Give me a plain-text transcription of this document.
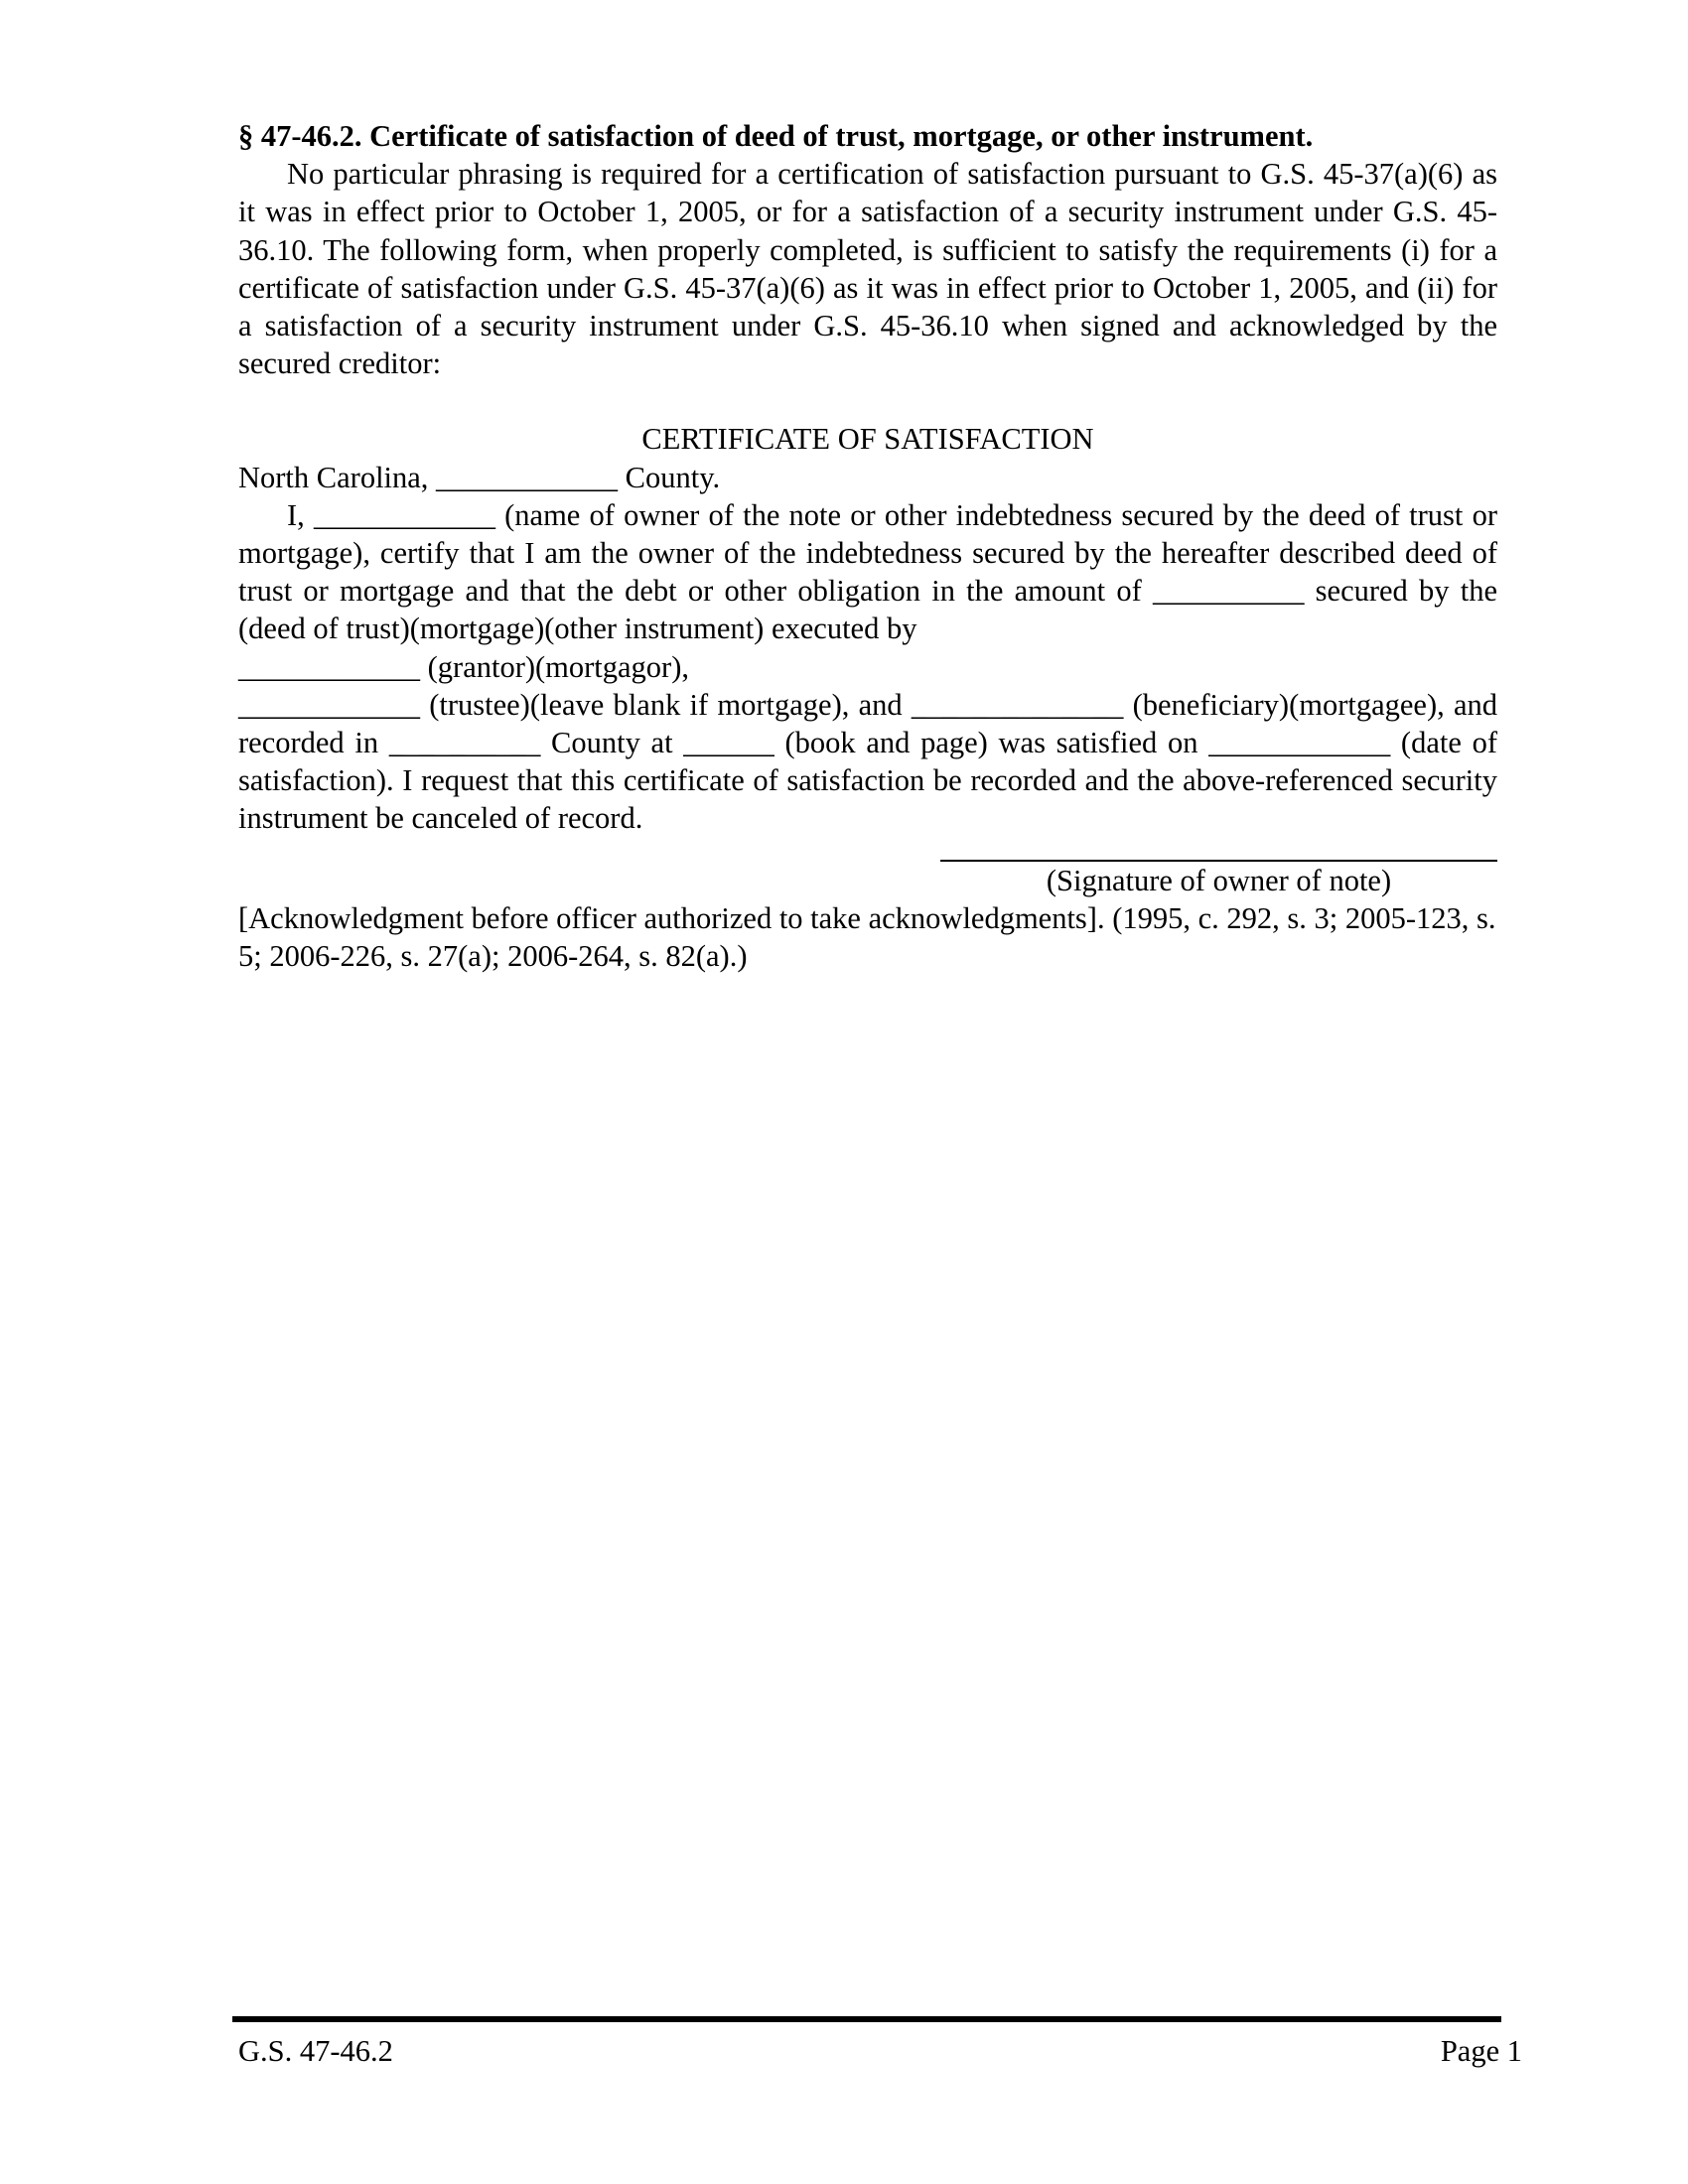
§ 47-46.2. Certificate of satisfaction of deed of trust, mortgage, or other instrument.

No particular phrasing is required for a certification of satisfaction pursuant to G.S. 45-37(a)(6) as it was in effect prior to October 1, 2005, or for a satisfaction of a security instrument under G.S. 45-36.10. The following form, when properly completed, is sufficient to satisfy the requirements (i) for a certificate of satisfaction under G.S. 45-37(a)(6) as it was in effect prior to October 1, 2005, and (ii) for a satisfaction of a security instrument under G.S. 45-36.10 when signed and acknowledged by the secured creditor:

CERTIFICATE OF SATISFACTION

North Carolina, ____________ County.

I, ____________ (name of owner of the note or other indebtedness secured by the deed of trust or mortgage), certify that I am the owner of the indebtedness secured by the hereafter described deed of trust or mortgage and that the debt or other obligation in the amount of __________ secured by the (deed of trust)(mortgage)(other instrument) executed by

____________ (grantor)(mortgagor),

____________ (trustee)(leave blank if mortgage), and ______________ (beneficiary)(mortgagee), and recorded in __________ County at ______ (book and page) was satisfied on ____________ (date of satisfaction). I request that this certificate of satisfaction be recorded and the above-referenced security instrument be canceled of record.

(Signature of owner of note)

[Acknowledgment before officer authorized to take acknowledgments]. (1995, c. 292, s. 3; 2005-123, s. 5; 2006-226, s. 27(a); 2006-264, s. 82(a).)

G.S. 47-46.2	Page 1
